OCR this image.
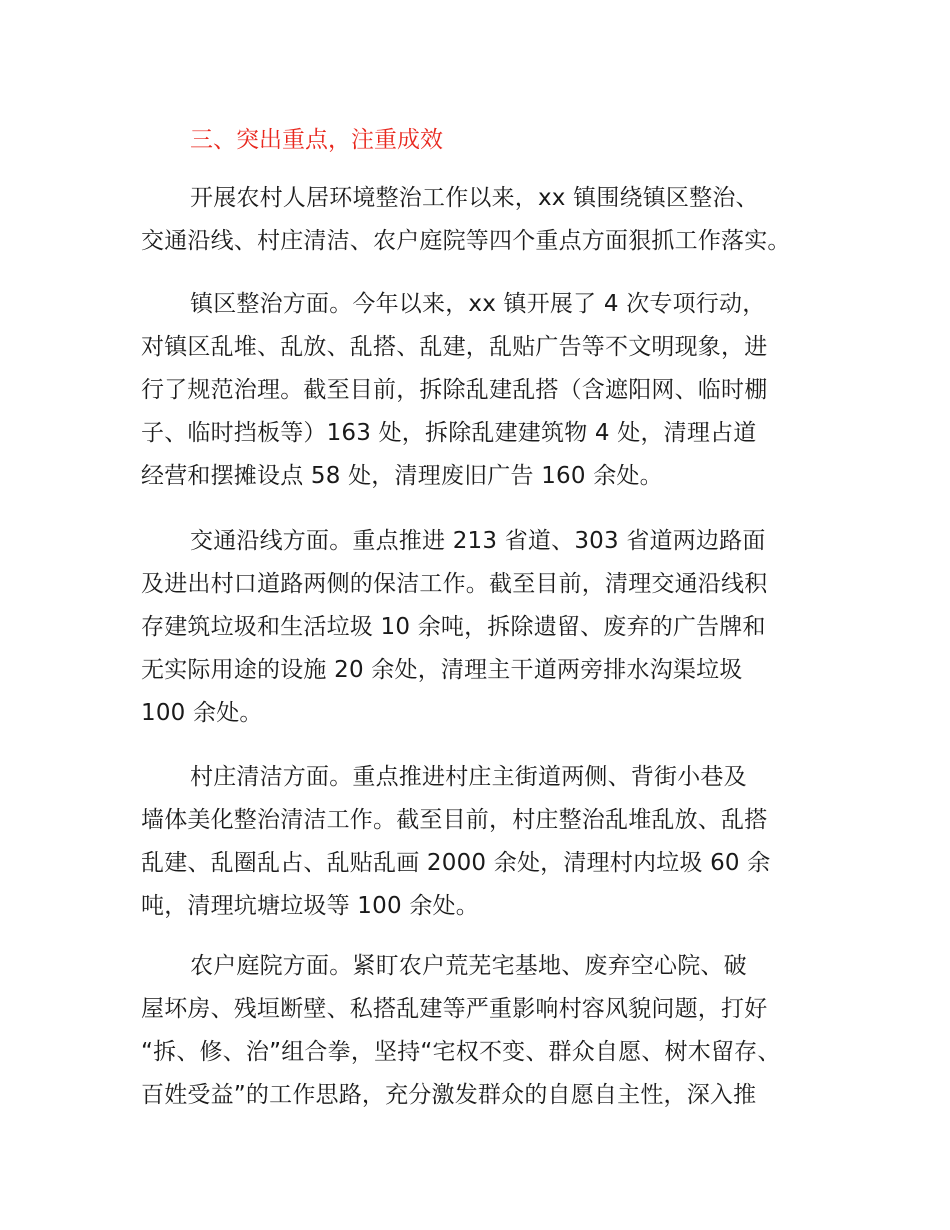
三、突出重点，注重成效
开展农村人居环境整治工作以来，xx 镇围绕镇区整治、
交通沿线、村庄清洁、农户庭院等四个重点方面狠抓工作落实。
镇区整治方面。今年以来，xx 镇开展了 4 次专项行动，
对镇区乱堆、乱放、乱搭、乱建，乱贴广告等不文明现象，进
行了规范治理。截至目前，拆除乱建乱搭（含遮阳网、临时棚
子、临时挡板等）163 处，拆除乱建建筑物 4 处，清理占道
经营和摆摊设点 58 处，清理废旧广告 160 余处。
交通沿线方面。重点推进 213 省道、303 省道两边路面
及进出村口道路两侧的保洁工作。截至目前，清理交通沿线积
存建筑垃圾和生活垃圾 10 余吨，拆除遗留、废弃的广告牌和
无实际用途的设施 20 余处，清理主干道两旁排水沟渠垃圾
100 余处。
村庄清洁方面。重点推进村庄主街道两侧、背街小巷及
墙体美化整治清洁工作。截至目前，村庄整治乱堆乱放、乱搭
乱建、乱圈乱占、乱贴乱画 2000 余处，清理村内垃圾 60 余
吨，清理坑塘垃圾等 100 余处。
农户庭院方面。紧盯农户荒芜宅基地、废弃空心院、破
屋坏房、残垣断壁、私搭乱建等严重影响村容风貌问题，打好
“拆、修、治”组合拳，坚持“宅权不变、群众自愿、树木留存、
百姓受益”的工作思路，充分激发群众的自愿自主性，深入推
